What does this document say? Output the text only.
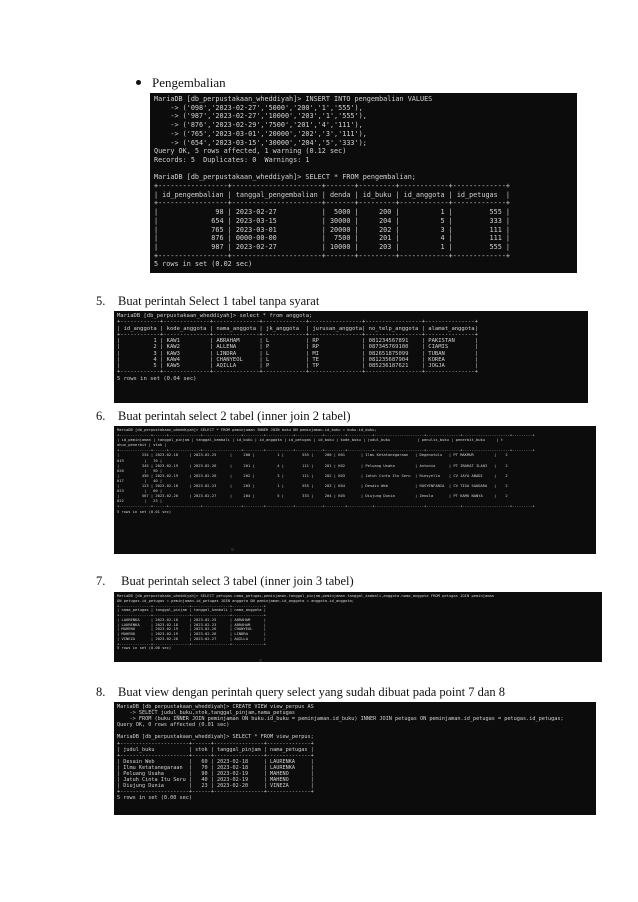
Pengembalian
MariaDB [db_perpustakaan_wheddiyah]> INSERT INTO pengembalian VALUES
-> ('098','2023-02-27','5000','200','1','555'),
-> ('987','2023-02-27','10000','203','1','555'),
-> ('876','2023-02-29','7500','201','4','111'),
-> ('765','2023-03-01','20000','202','3','111'),
-> ('654','2023-03-15','30000','204','5','333');
Query OK, 5 rows affected, 1 warning (0.12 sec)
Records: 5  Duplicates: 0  Warnings: 1

MariaDB [db_perpustakaan_wheddiyah]> SELECT * FROM pengembalian;
+-----------------+----------------------+-------+---------+------------+-------------+
| id_pengembalian | tanggal_pengembalian | denda | id_buku | id_anggota | id_petugas  |
+-----------------+----------------------+-------+---------+------------+-------------+
|              98 | 2023-02-27           |  5000 |     200 |          1 |         555 |
|             654 | 2023-03-15           | 30000 |     204 |          5 |         333 |
|             765 | 2023-03-01           | 20000 |     202 |          3 |         111 |
|             876 | 0000-00-00           |  7500 |     201 |          4 |         111 |
|             987 | 2023-02-27           | 10000 |     203 |          1 |         555 |
+-----------------+----------------------+-------+---------+------------+-------------+
5 rows in set (0.02 sec)
5. Buat perintah Select 1 tabel tanpa syarat
MariaDB [db_perpustakaan_wheddiyah]> select * from anggota;
+------------+--------------+--------------+-------------+----------------+-----------------+---------------+
| id_anggota | kode_anggota | nama_anggota | jk_anggota  | jurusan_anggota| no_telp_anggota | alamat_anggota|
+------------+--------------+--------------+-------------+----------------+-----------------+---------------+
|          1 | KAW1         | ABRAHAM      | L           | RP             | 081234567891    | PAKISTAN      |
|          2 | KAW2         | ALLENA       | P           | RP             | 087345769100    | CIAMIS        |
|          3 | KAW3         | LINDRA       | L           | MI             | 082651875099    | TUBAN         |
|          4 | KAW4         | CHANYEOL     | L           | TE             | 081235687904    | KOREA         |
|          5 | KAW5         | AQILLA       | P           | TP             | 085236187621    | JOGJA         |
+------------+--------------+--------------+-------------+----------------+-----------------+---------------+
5 rows in set (0.04 sec)
6. Buat perintah select 2 tabel (inner join 2 tabel)
MariaDB [db_perpustakaan_wheddiyah]> SELECT * FROM peminjaman INNER JOIN buku ON peminjaman.id_buku = buku.id_buku;
+--------------+------+--------------+-----------------+---------+------------+------------+---------+-----------+----------------------+---------------+---------------------+---------+
| id_peminjaman | tanggal_pinjam | tanggal_kembali | id_buku | id_anggota | id_petugas | id_buku | kode_buku | judul_buku            | penulis_buku | penerbit_buku     | t
ahun_penerbit | stok |
+--------------+------+--------------+-----------------+---------+------------+------------+---------+-----------+----------------------+---------------+---------------------+---------+
|          234 | 2023-02-18     | 2023-02-25      |     200 |          1 |        555 |     200 | K01       | Ilmu Ketatanegaraan   | Degenotolu   | PT MAKMUR         |    2
019         |   70 |
|          345 | 2023-02-19     | 2023-02-26      |     201 |          4 |        111 |     201 | K02       | Peluang Usaha         | Antonio      | PT IBARAT ILAHI   |    2
020         |   90 |
|          456 | 2023-02-19     | 2023-02-26      |     202 |          3 |        111 |     202 | K03       | Jatuh Cinta Itu Seru  | Riesyella    | CV JAYA ABADI     |    2
017         |   40 |
|          123 | 2023-02-18     | 2023-02-23      |     203 |          1 |        555 |     203 | K04       | Desain Web            | ROSYENFANIA  | CV TIGA SAUDARA   |    2
023         |   60 |
|          567 | 2023-02-20     | 2023-02-27      |     204 |          5 |        333 |     204 | K05       | Diujung Dunia         | Zenola       | PT KAMU NANYA     |    2
022         |   23 |
+--------------+------+--------------+-----------------+---------+------------+------------+---------+-----------+----------------------+---------------+---------------------+---------+
5 rows in set (0.01 sec)
7. Buat perintah select 3 tabel (inner join 3 tabel)
MariaDB [db_perpustakaan_wheddiyah]> SELECT petugas.nama_petugas,peminjaman.tanggal_pinjam,peminjaman.tanggal_kembali,anggota.nama_anggota FROM petugas JOIN peminjaman
ON petugas.id_petugas = peminjaman.id_petugas JOIN anggota ON peminjaman.id_anggota = anggota.id_anggota;
+--------------+----------------+-----------------+--------------+
| nama_petugas | tanggal_pinjam | tanggal_kembali | nama_anggota |
+--------------+----------------+-----------------+--------------+
| LAURENKA     | 2023-02-18     | 2023-02-25      | ABRAHAM      |
| LAURENKA     | 2023-02-18     | 2023-02-23      | ABRAHAM      |
| MAHENO       | 2023-02-19     | 2023-02-26      | CHANYEOL     |
| MAHENO       | 2023-02-19     | 2023-02-26      | LINDRA       |
| VINEZA       | 2023-02-20     | 2023-02-27      | AQILLA       |
+--------------+----------------+-----------------+--------------+
5 rows in set (0.00 sec)
8. Buat view dengan perintah query select yang sudah dibuat pada point 7 dan 8
MariaDB [db_perpustakaan_wheddiyah]> CREATE VIEW view_perpus AS
-> SELECT judul_buku,stok,tanggal_pinjam,nama_petugas
-> FROM (buku INNER JOIN peminjaman ON buku.id_buku = peminjaman.id_buku) INNER JOIN petugas ON peminjaman.id_petugas = petugas.id_petugas;
Query OK, 0 rows affected (0.01 sec)

MariaDB [db_perpustakaan_wheddiyah]> SELECT * FROM view_perpus;
+----------------------+------+----------------+--------------+
| judul_buku           | stok | tanggal_pinjam | nama_petugas |
+----------------------+------+----------------+--------------+
| Desain Web           |   60 | 2023-02-18     | LAURENKA     |
| Ilmu Ketatanegaraan  |   70 | 2023-02-18     | LAURENKA     |
| Peluang Usaha        |   90 | 2023-02-19     | MAHENO       |
| Jatuh Cinta Itu Seru |   40 | 2023-02-19     | MAHENO       |
| Diujung Dunia        |   23 | 2023-02-20     | VINEZA       |
+----------------------+------+----------------+--------------+
5 rows in set (0.00 sec)
